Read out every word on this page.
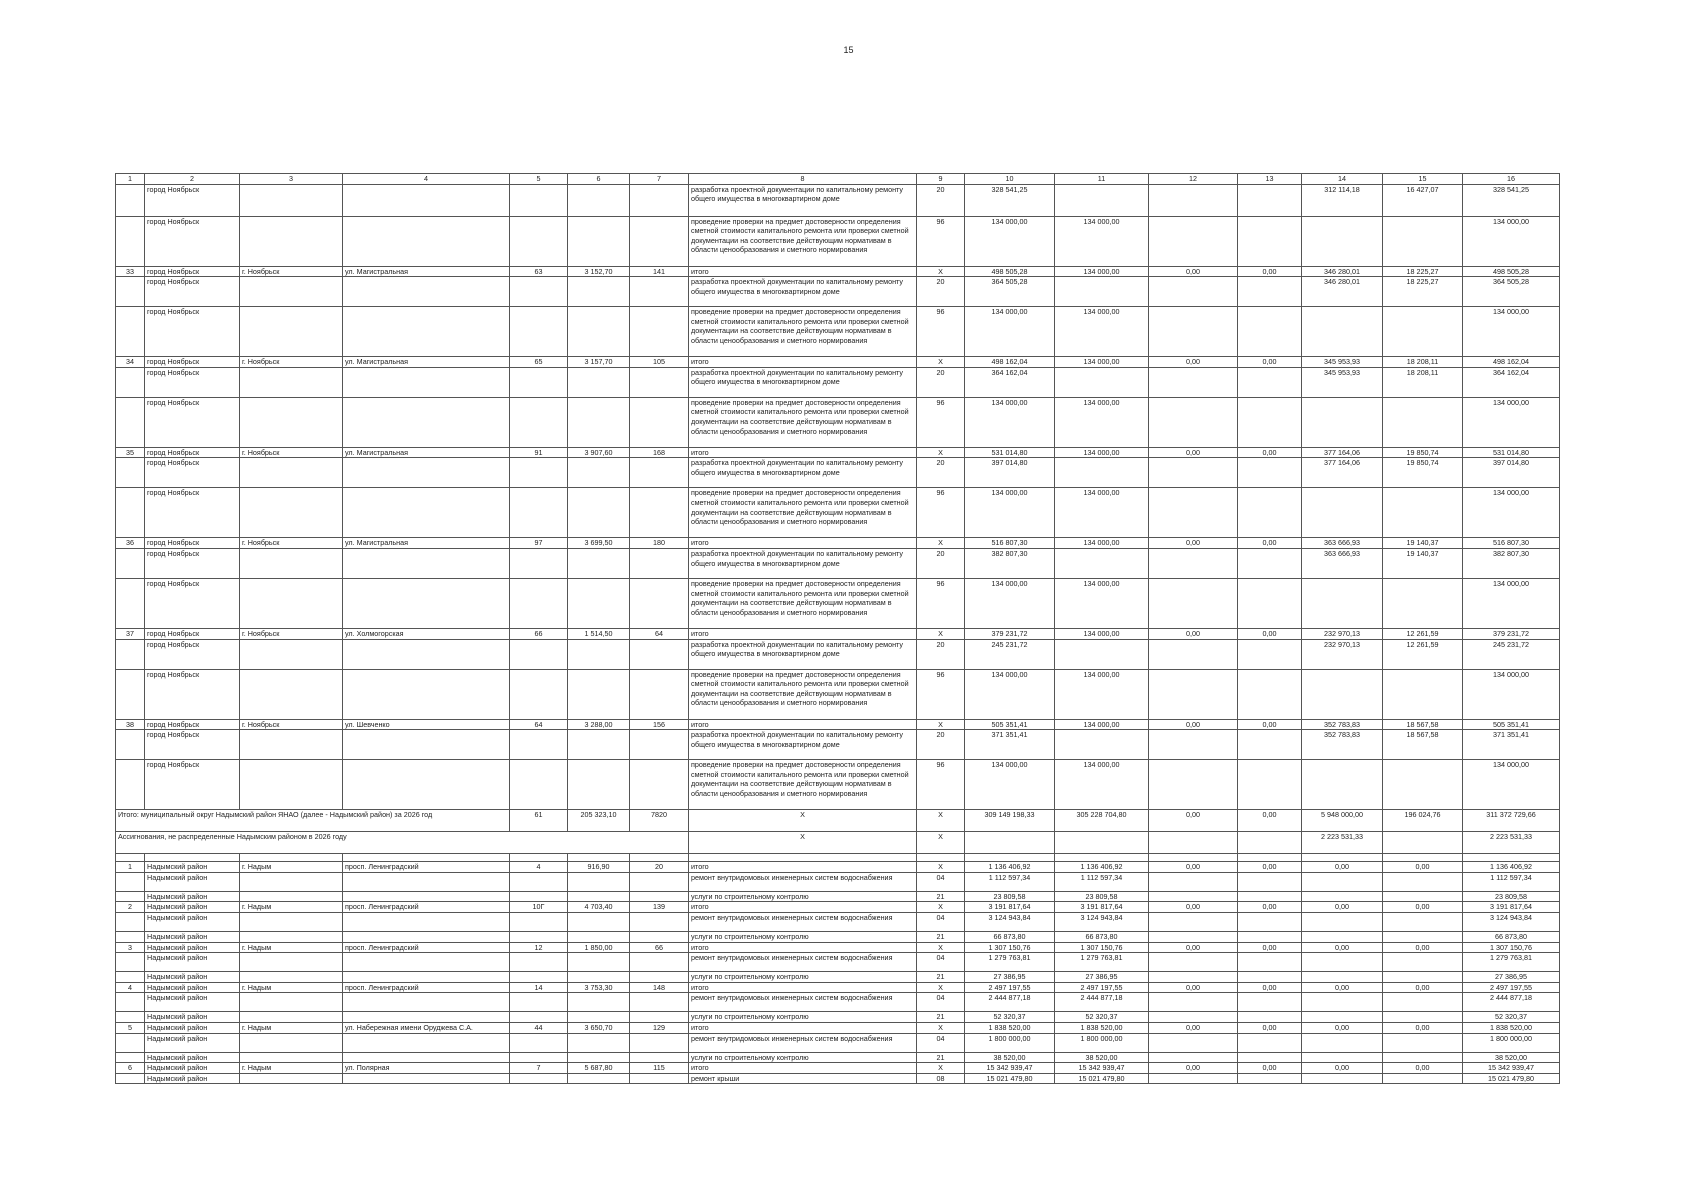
15
1	2	3	4	5	6	7	8	9	10	11	12	13	14	15	16
	город Ноябрьск						разработка проектной документации по капитальному ремонту общего имущества в многоквартирном доме	20	328 541,25				312 114,18	16 427,07	328 541,25
	город Ноябрьск						проведение проверки на предмет достоверности определения сметной стоимости капитального ремонта или проверки сметной документации на соответствие действующим нормативам в области ценообразования и сметного нормирования	96	134 000,00	134 000,00					134 000,00
33	город Ноябрьск	г. Ноябрьск	ул. Магистральная	63	3 152,70	141	итого	X	498 505,28	134 000,00	0,00	0,00	346 280,01	18 225,27	498 505,28
	город Ноябрьск						разработка проектной документации по капитальному ремонту общего имущества в многоквартирном доме	20	364 505,28				346 280,01	18 225,27	364 505,28
	город Ноябрьск						проведение проверки на предмет достоверности определения сметной стоимости капитального ремонта или проверки сметной документации на соответствие действующим нормативам в области ценообразования и сметного нормирования	96	134 000,00	134 000,00					134 000,00
34	город Ноябрьск	г. Ноябрьск	ул. Магистральная	65	3 157,70	105	итого	X	498 162,04	134 000,00	0,00	0,00	345 953,93	18 208,11	498 162,04
	город Ноябрьск						разработка проектной документации по капитальному ремонту общего имущества в многоквартирном доме	20	364 162,04				345 953,93	18 208,11	364 162,04
	город Ноябрьск						проведение проверки на предмет достоверности определения сметной стоимости капитального ремонта или проверки сметной документации на соответствие действующим нормативам в области ценообразования и сметного нормирования	96	134 000,00	134 000,00					134 000,00
35	город Ноябрьск	г. Ноябрьск	ул. Магистральная	91	3 907,60	168	итого	X	531 014,80	134 000,00	0,00	0,00	377 164,06	19 850,74	531 014,80
	город Ноябрьск						разработка проектной документации по капитальному ремонту общего имущества в многоквартирном доме	20	397 014,80				377 164,06	19 850,74	397 014,80
	город Ноябрьск						проведение проверки на предмет достоверности определения сметной стоимости капитального ремонта или проверки сметной документации на соответствие действующим нормативам в области ценообразования и сметного нормирования	96	134 000,00	134 000,00					134 000,00
36	город Ноябрьск	г. Ноябрьск	ул. Магистральная	97	3 699,50	180	итого	X	516 807,30	134 000,00	0,00	0,00	363 666,93	19 140,37	516 807,30
	город Ноябрьск						разработка проектной документации по капитальному ремонту общего имущества в многоквартирном доме	20	382 807,30				363 666,93	19 140,37	382 807,30
	город Ноябрьск						проведение проверки на предмет достоверности определения сметной стоимости капитального ремонта или проверки сметной документации на соответствие действующим нормативам в области ценообразования и сметного нормирования	96	134 000,00	134 000,00					134 000,00
37	город Ноябрьск	г. Ноябрьск	ул. Холмогорская	66	1 514,50	64	итого	X	379 231,72	134 000,00	0,00	0,00	232 970,13	12 261,59	379 231,72
	город Ноябрьск						разработка проектной документации по капитальному ремонту общего имущества в многоквартирном доме	20	245 231,72				232 970,13	12 261,59	245 231,72
	город Ноябрьск						проведение проверки на предмет достоверности определения сметной стоимости капитального ремонта или проверки сметной документации на соответствие действующим нормативам в области ценообразования и сметного нормирования	96	134 000,00	134 000,00					134 000,00
38	город Ноябрьск	г. Ноябрьск	ул. Шевченко	64	3 288,00	156	итого	X	505 351,41	134 000,00	0,00	0,00	352 783,83	18 567,58	505 351,41
	город Ноябрьск						разработка проектной документации по капитальному ремонту общего имущества в многоквартирном доме	20	371 351,41				352 783,83	18 567,58	371 351,41
	город Ноябрьск						проведение проверки на предмет достоверности определения сметной стоимости капитального ремонта или проверки сметной документации на соответствие действующим нормативам в области ценообразования и сметного нормирования	96	134 000,00	134 000,00					134 000,00
Итого: муниципальный округ Надымский район ЯНАО (далее - Надымский район) за 2026 год				61	205 323,10	7820	X	X	309 149 198,33	305 228 704,80	0,00	0,00	5 948 000,00	196 024,76	311 372 729,66
Ассигнования, не распределенные Надымским районом в 2026 году							X	X					2 223 531,33		2 223 531,33

1	Надымский район	г. Надым	просп. Ленинградский	4	916,90	20	итого	X	1 136 406,92	1 136 406,92	0,00	0,00	0,00	0,00	1 136 406,92
	Надымский район						ремонт внутридомовых инженерных систем водоснабжения	04	1 112 597,34	1 112 597,34					1 112 597,34
	Надымский район						услуги по строительному контролю	21	23 809,58	23 809,58					23 809,58
2	Надымский район	г. Надым	просп. Ленинградский	10Г	4 703,40	139	итого	X	3 191 817,64	3 191 817,64	0,00	0,00	0,00	0,00	3 191 817,64
	Надымский район						ремонт внутридомовых инженерных систем водоснабжения	04	3 124 943,84	3 124 943,84					3 124 943,84
	Надымский район						услуги по строительному контролю	21	66 873,80	66 873,80					66 873,80
3	Надымский район	г. Надым	просп. Ленинградский	12	1 850,00	66	итого	X	1 307 150,76	1 307 150,76	0,00	0,00	0,00	0,00	1 307 150,76
	Надымский район						ремонт внутридомовых инженерных систем водоснабжения	04	1 279 763,81	1 279 763,81					1 279 763,81
	Надымский район						услуги по строительному контролю	21	27 386,95	27 386,95					27 386,95
4	Надымский район	г. Надым	просп. Ленинградский	14	3 753,30	148	итого	X	2 497 197,55	2 497 197,55	0,00	0,00	0,00	0,00	2 497 197,55
	Надымский район						ремонт внутридомовых инженерных систем водоснабжения	04	2 444 877,18	2 444 877,18					2 444 877,18
	Надымский район						услуги по строительному контролю	21	52 320,37	52 320,37					52 320,37
5	Надымский район	г. Надым	ул. Набережная имени Оруджева С.А.	44	3 650,70	129	итого	X	1 838 520,00	1 838 520,00	0,00	0,00	0,00	0,00	1 838 520,00
	Надымский район						ремонт внутридомовых инженерных систем водоснабжения	04	1 800 000,00	1 800 000,00					1 800 000,00
	Надымский район						услуги по строительному контролю	21	38 520,00	38 520,00					38 520,00
6	Надымский район	г. Надым	ул. Полярная	7	5 687,80	115	итого	X	15 342 939,47	15 342 939,47	0,00	0,00	0,00	0,00	15 342 939,47
	Надымский район						ремонт крыши	08	15 021 479,80	15 021 479,80					15 021 479,80
